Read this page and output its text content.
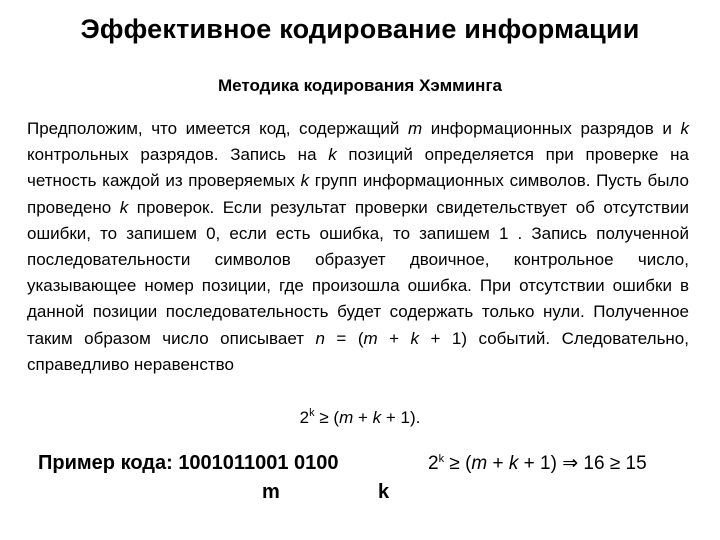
Эффективное кодирование информации
Методика кодирования Хэмминга

Предположим, что имеется код, содержащий m информационных разрядов и k контрольных разрядов. Запись на k позиций определяется при проверке на четность каждой из проверяемых k групп информационных символов. Пусть было проведено k проверок. Если результат проверки свидетельствует об отсутствии ошибки, то запишем 0, если есть ошибка, то запишем 1 . Запись полученной последовательности символов образует двоичное, контрольное число, указывающее номер позиции, где произошла ошибка. При отсутствии ошибки в данной позиции последовательность будет содержать только нули. Полученное таким образом число описывает n = (m + k + 1) событий. Следовательно, справедливо неравенство

$2^k \ge (m + k + 1)$.
Пример кода: 1001011001 0100	$2^k \ge (m + k + 1)$ ⇒ 16 ≥ 15
m	k
